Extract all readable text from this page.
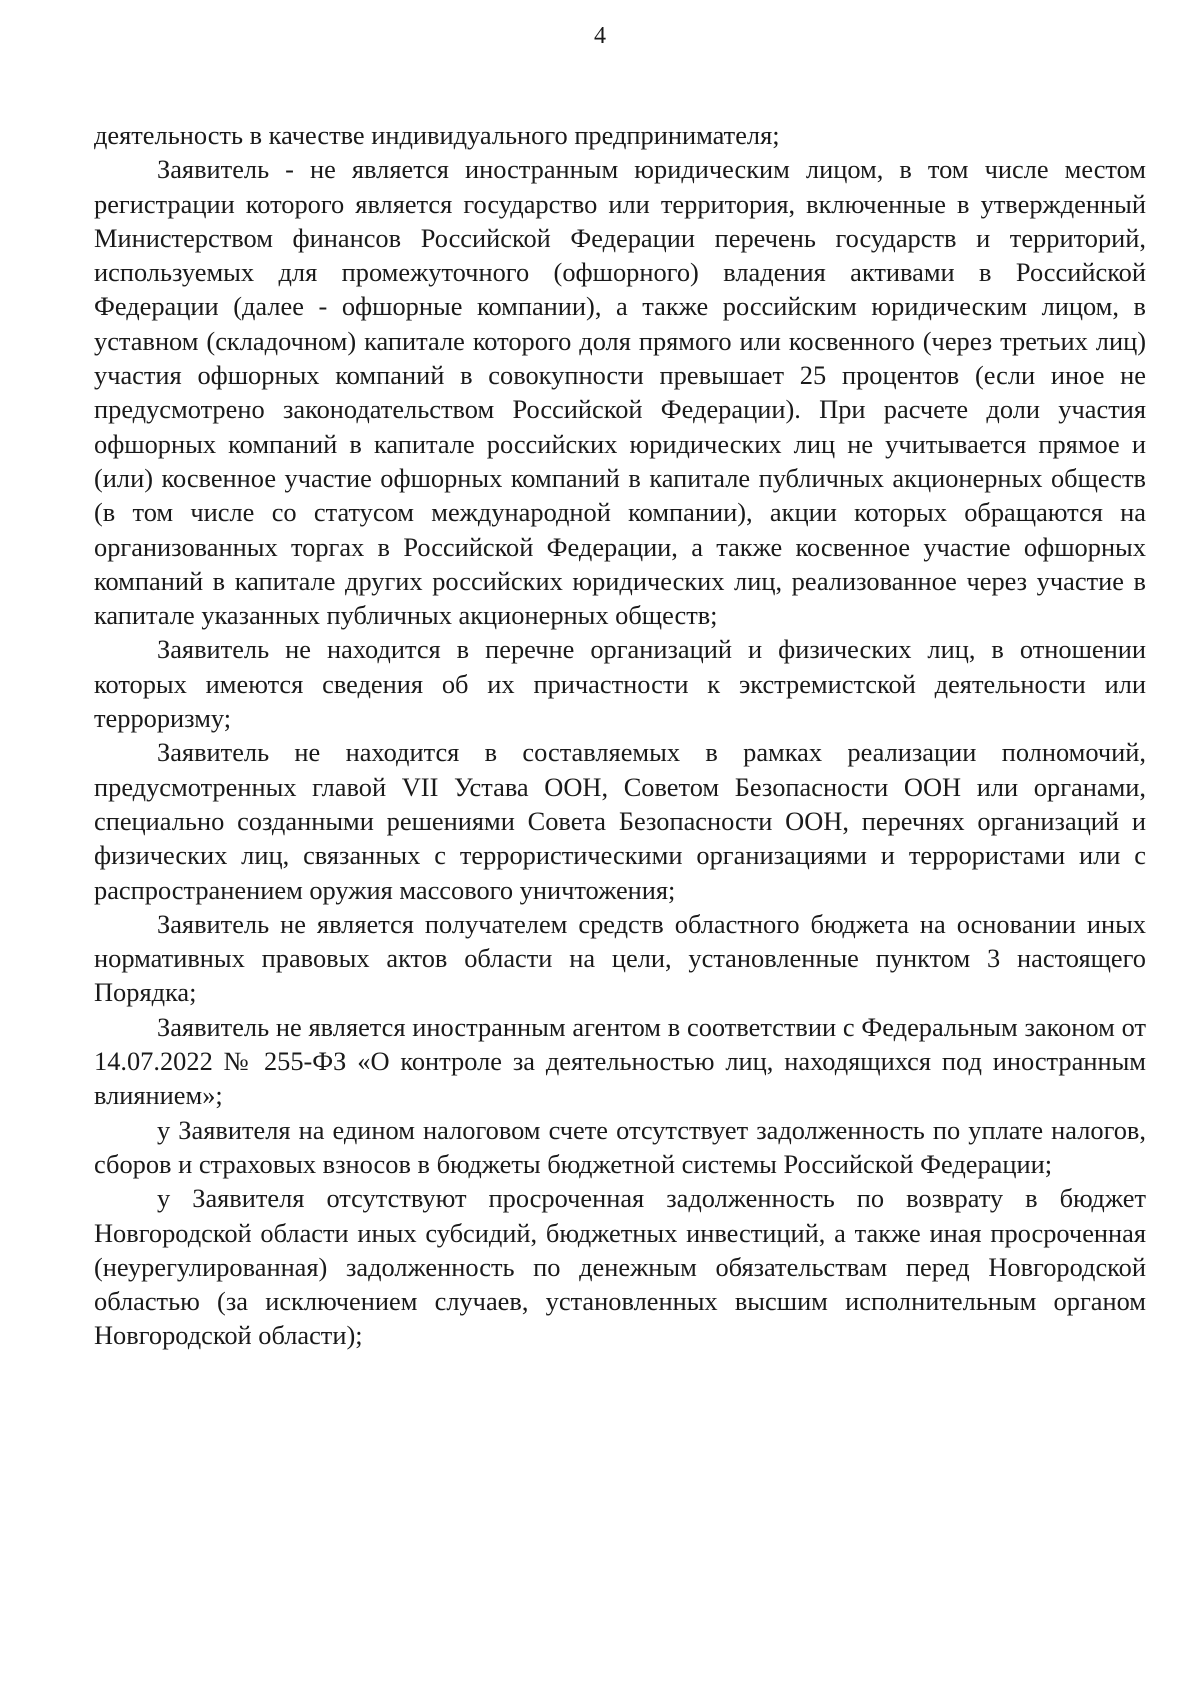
4

деятельность в качестве индивидуального предпринимателя;

Заявитель - не является иностранным юридическим лицом, в том числе местом регистрации которого является государство или территория, включенные в утвержденный Министерством финансов Российской Федерации перечень государств и территорий, используемых для промежуточного (офшорного) владения активами в Российской Федерации (далее - офшорные компании), а также российским юридическим лицом, в уставном (складочном) капитале которого доля прямого или косвенного (через третьих лиц) участия офшорных компаний в совокупности превышает 25 процентов (если иное не предусмотрено законодательством Российской Федерации). При расчете доли участия офшорных компаний в капитале российских юридических лиц не учитывается прямое и (или) косвенное участие офшорных компаний в капитале публичных акционерных обществ (в том числе со статусом международной компании), акции которых обращаются на организованных торгах в Российской Федерации, а также косвенное участие офшорных компаний в капитале других российских юридических лиц, реализованное через участие в капитале указанных публичных акционерных обществ;

Заявитель не находится в перечне организаций и физических лиц, в отношении которых имеются сведения об их причастности к экстремистской деятельности или терроризму;

Заявитель не находится в составляемых в рамках реализации полномочий, предусмотренных главой VII Устава ООН, Советом Безопасности ООН или органами, специально созданными решениями Совета Безопасности ООН, перечнях организаций и физических лиц, связанных с террористическими организациями и террористами или с распространением оружия массового уничтожения;

Заявитель не является получателем средств областного бюджета на основании иных нормативных правовых актов области на цели, установленные пунктом 3 настоящего Порядка;

Заявитель не является иностранным агентом в соответствии с Федеральным законом от 14.07.2022 № 255-ФЗ «О контроле за деятельностью лиц, находящихся под иностранным влиянием»;

у Заявителя на едином налоговом счете отсутствует задолженность по уплате налогов, сборов и страховых взносов в бюджеты бюджетной системы Российской Федерации;

у Заявителя отсутствуют просроченная задолженность по возврату в бюджет Новгородской области иных субсидий, бюджетных инвестиций, а также иная просроченная (неурегулированная) задолженность по денежным обязательствам перед Новгородской областью (за исключением случаев, установленных высшим исполнительным органом Новгородской области);
